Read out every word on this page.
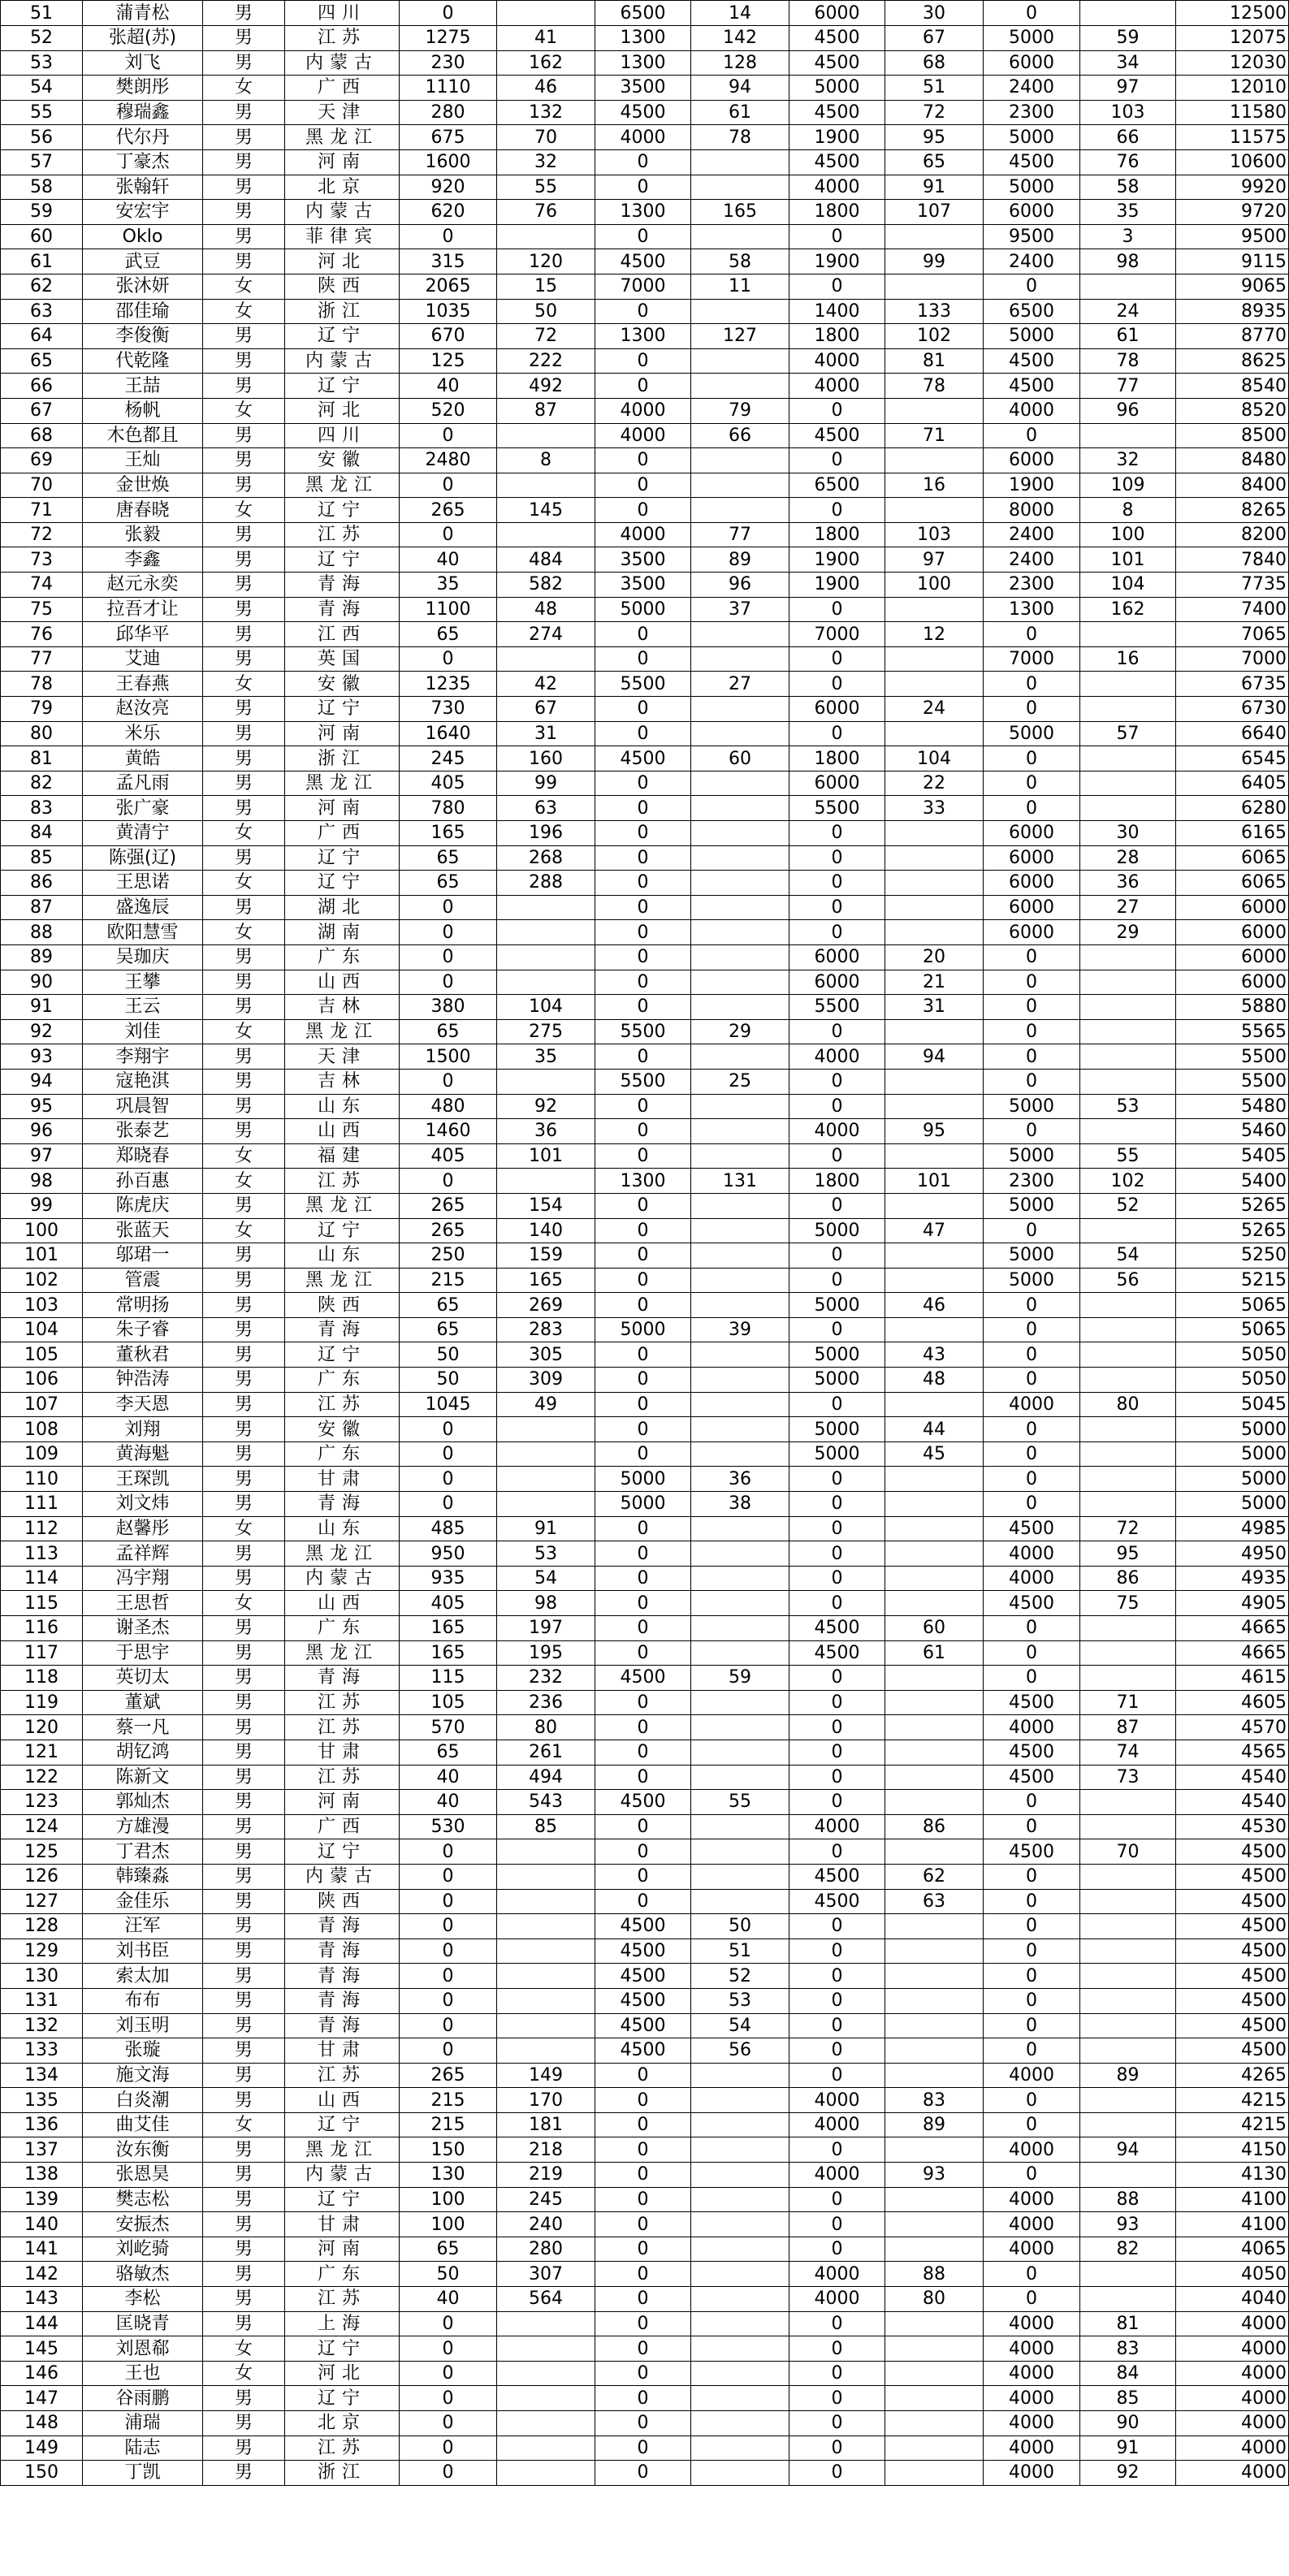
51	蒲青松	男	四川	0		6500	14	6000	30	0		12500
52	张超(苏)	男	江苏	1275	41	1300	142	4500	67	5000	59	12075
53	刘飞	男	内蒙古	230	162	1300	128	4500	68	6000	34	12030
54	樊朗彤	女	广西	1110	46	3500	94	5000	51	2400	97	12010
55	穆瑞鑫	男	天津	280	132	4500	61	4500	72	2300	103	11580
56	代尔丹	男	黑龙江	675	70	4000	78	1900	95	5000	66	11575
57	丁豪杰	男	河南	1600	32	0		4500	65	4500	76	10600
58	张翰轩	男	北京	920	55	0		4000	91	5000	58	9920
59	安宏宇	男	内蒙古	620	76	1300	165	1800	107	6000	35	9720
60	Oklo	男	菲律宾	0		0		0		9500	3	9500
61	武豆	男	河北	315	120	4500	58	1900	99	2400	98	9115
62	张沐妍	女	陕西	2065	15	7000	11	0		0		9065
63	邵佳瑜	女	浙江	1035	50	0		1400	133	6500	24	8935
64	李俊衡	男	辽宁	670	72	1300	127	1800	102	5000	61	8770
65	代乾隆	男	内蒙古	125	222	0		4000	81	4500	78	8625
66	王喆	男	辽宁	40	492	0		4000	78	4500	77	8540
67	杨帆	女	河北	520	87	4000	79	0		4000	96	8520
68	木色都且	男	四川	0		4000	66	4500	71	0		8500
69	王灿	男	安徽	2480	8	0		0		6000	32	8480
70	金世焕	男	黑龙江	0		0		6500	16	1900	109	8400
71	唐春晓	女	辽宁	265	145	0		0		8000	8	8265
72	张毅	男	江苏	0		4000	77	1800	103	2400	100	8200
73	李鑫	男	辽宁	40	484	3500	89	1900	97	2400	101	7840
74	赵元永奕	男	青海	35	582	3500	96	1900	100	2300	104	7735
75	拉吾才让	男	青海	1100	48	5000	37	0		1300	162	7400
76	邱华平	男	江西	65	274	0		7000	12	0		7065
77	艾迪	男	英国	0		0		0		7000	16	7000
78	王春燕	女	安徽	1235	42	5500	27	0		0		6735
79	赵汝亮	男	辽宁	730	67	0		6000	24	0		6730
80	米乐	男	河南	1640	31	0		0		5000	57	6640
81	黄皓	男	浙江	245	160	4500	60	1800	104	0		6545
82	孟凡雨	男	黑龙江	405	99	0		6000	22	0		6405
83	张广豪	男	河南	780	63	0		5500	33	0		6280
84	黄清宁	女	广西	165	196	0		0		6000	30	6165
85	陈强(辽)	男	辽宁	65	268	0		0		6000	28	6065
86	王思诺	女	辽宁	65	288	0		0		6000	36	6065
87	盛逸辰	男	湖北	0		0		0		6000	27	6000
88	欧阳慧雪	女	湖南	0		0		0		6000	29	6000
89	吴珈庆	男	广东	0		0		6000	20	0		6000
90	王攀	男	山西	0		0		6000	21	0		6000
91	王云	男	吉林	380	104	0		5500	31	0		5880
92	刘佳	女	黑龙江	65	275	5500	29	0		0		5565
93	李翔宇	男	天津	1500	35	0		4000	94	0		5500
94	寇艳淇	男	吉林	0		5500	25	0		0		5500
95	巩晨智	男	山东	480	92	0		0		5000	53	5480
96	张泰艺	男	山西	1460	36	0		4000	95	0		5460
97	郑晓春	女	福建	405	101	0		0		5000	55	5405
98	孙百惠	女	江苏	0		1300	131	1800	101	2300	102	5400
99	陈虎庆	男	黑龙江	265	154	0		0		5000	52	5265
100	张蓝天	女	辽宁	265	140	0		5000	47	0		5265
101	邬珺一	男	山东	250	159	0		0		5000	54	5250
102	管震	男	黑龙江	215	165	0		0		5000	56	5215
103	常明扬	男	陕西	65	269	0		5000	46	0		5065
104	朱子睿	男	青海	65	283	5000	39	0		0		5065
105	董秋君	男	辽宁	50	305	0		5000	43	0		5050
106	钟浩涛	男	广东	50	309	0		5000	48	0		5050
107	李天恩	男	江苏	1045	49	0		0		4000	80	5045
108	刘翔	男	安徽	0		0		5000	44	0		5000
109	黄海魁	男	广东	0		0		5000	45	0		5000
110	王琛凯	男	甘肃	0		5000	36	0		0		5000
111	刘文炜	男	青海	0		5000	38	0		0		5000
112	赵馨彤	女	山东	485	91	0		0		4500	72	4985
113	孟祥辉	男	黑龙江	950	53	0		0		4000	95	4950
114	冯宇翔	男	内蒙古	935	54	0		0		4000	86	4935
115	王思哲	女	山西	405	98	0		0		4500	75	4905
116	谢圣杰	男	广东	165	197	0		4500	60	0		4665
117	于思宇	男	黑龙江	165	195	0		4500	61	0		4665
118	英切太	男	青海	115	232	4500	59	0		0		4615
119	董斌	男	江苏	105	236	0		0		4500	71	4605
120	蔡一凡	男	江苏	570	80	0		0		4000	87	4570
121	胡钇鸿	男	甘肃	65	261	0		0		4500	74	4565
122	陈新文	男	江苏	40	494	0		0		4500	73	4540
123	郭灿杰	男	河南	40	543	4500	55	0		0		4540
124	方雄漫	男	广西	530	85	0		4000	86	0		4530
125	丁君杰	男	辽宁	0		0		0		4500	70	4500
126	韩臻淼	男	内蒙古	0		0		4500	62	0		4500
127	金佳乐	男	陕西	0		0		4500	63	0		4500
128	汪军	男	青海	0		4500	50	0		0		4500
129	刘书臣	男	青海	0		4500	51	0		0		4500
130	索太加	男	青海	0		4500	52	0		0		4500
131	布布	男	青海	0		4500	53	0		0		4500
132	刘玉明	男	青海	0		4500	54	0		0		4500
133	张璇	男	甘肃	0		4500	56	0		0		4500
134	施文海	男	江苏	265	149	0		0		4000	89	4265
135	白炎潮	男	山西	215	170	0		4000	83	0		4215
136	曲艾佳	女	辽宁	215	181	0		4000	89	0		4215
137	汝东衡	男	黑龙江	150	218	0		0		4000	94	4150
138	张恩昊	男	内蒙古	130	219	0		4000	93	0		4130
139	樊志松	男	辽宁	100	245	0		0		4000	88	4100
140	安振杰	男	甘肃	100	240	0		0		4000	93	4100
141	刘屹骑	男	河南	65	280	0		0		4000	82	4065
142	骆敏杰	男	广东	50	307	0		4000	88	0		4050
143	李松	男	江苏	40	564	0		4000	80	0		4040
144	匡晓青	男	上海	0		0		0		4000	81	4000
145	刘恩郗	女	辽宁	0		0		0		4000	83	4000
146	王也	女	河北	0		0		0		4000	84	4000
147	谷雨鹏	男	辽宁	0		0		0		4000	85	4000
148	浦瑞	男	北京	0		0		0		4000	90	4000
149	陆志	男	江苏	0		0		0		4000	91	4000
150	丁凯	男	浙江	0		0		0		4000	92	4000
